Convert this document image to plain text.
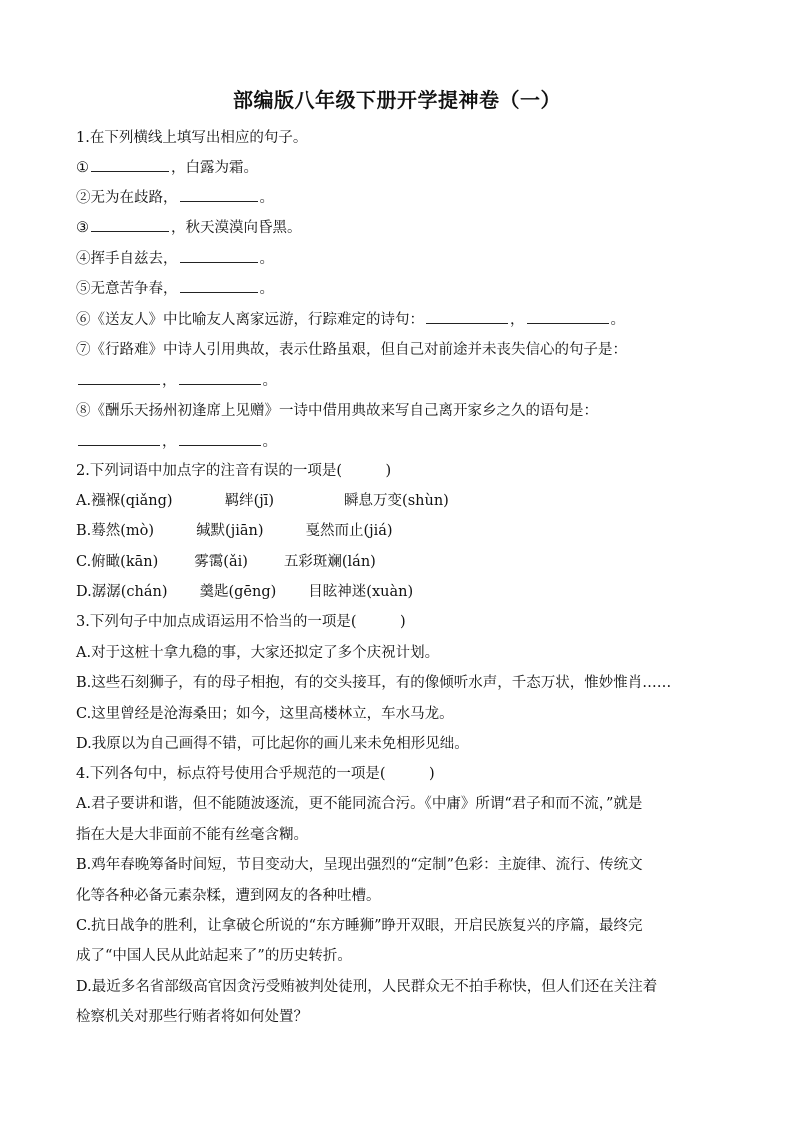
部编版八年级下册开学提神卷（一）
1.在下列横线上填写出相应的句子。
①	，白露为霜。
②无为在歧路，	。
③	，秋天漠漠向昏黑。
④挥手自兹去，	。
⑤无意苦争春，	。
⑥《送友人》中比喻友人离家远游，行踪难定的诗句：	，	。
⑦《行路难》中诗人引用典故，表示仕路虽艰，但自己对前途并未丧失信心的句子是：
，	。
⑧《酬乐天扬州初逢席上见赠》一诗中借用典故来写自己离开家乡之久的语句是：
，	。
2.下列词语中加点字的注音有误的一项是(　　　)
A.襁褓(qiǎng)	羁绊(jī)	瞬息万变(shùn)
B.蓦然(mò)	缄默(jiān)	戛然而止(jiá)
C.俯瞰(kān) 雾霭(ǎi) 五彩斑斓(lán)
D.潺潺(chán) 羹匙(gēng) 目眩神迷(xuàn)
3.下列句子中加点成语运用不恰当的一项是(　　　)
A.对于这桩十拿九稳的事，大家还拟定了多个庆祝计划。
B.这些石刻狮子，有的母子相抱，有的交头接耳，有的像倾听水声，千态万状，惟妙惟肖……
C.这里曾经是沧海桑田；如今，这里高楼林立，车水马龙。
D.我原以为自己画得不错，可比起你的画儿来未免相形见绌。
4.下列各句中，标点符号使用合乎规范的一项是(　　　)
A.君子要讲和谐，但不能随波逐流，更不能同流合污。《中庸》所谓“君子和而不流，”就是
指在大是大非面前不能有丝毫含糊。
B.鸡年春晚筹备时间短，节目变动大，呈现出强烈的“定制”色彩：主旋律、流行、传统文
化等各种必备元素杂糅，遭到网友的各种吐槽。
C.抗日战争的胜利，让拿破仑所说的“东方睡狮”睁开双眼，开启民族复兴的序篇，最终完
成了“中国人民从此站起来了”的历史转折。
D.最近多名省部级高官因贪污受贿被判处徒刑，人民群众无不拍手称快，但人们还在关注着
检察机关对那些行贿者将如何处置？
